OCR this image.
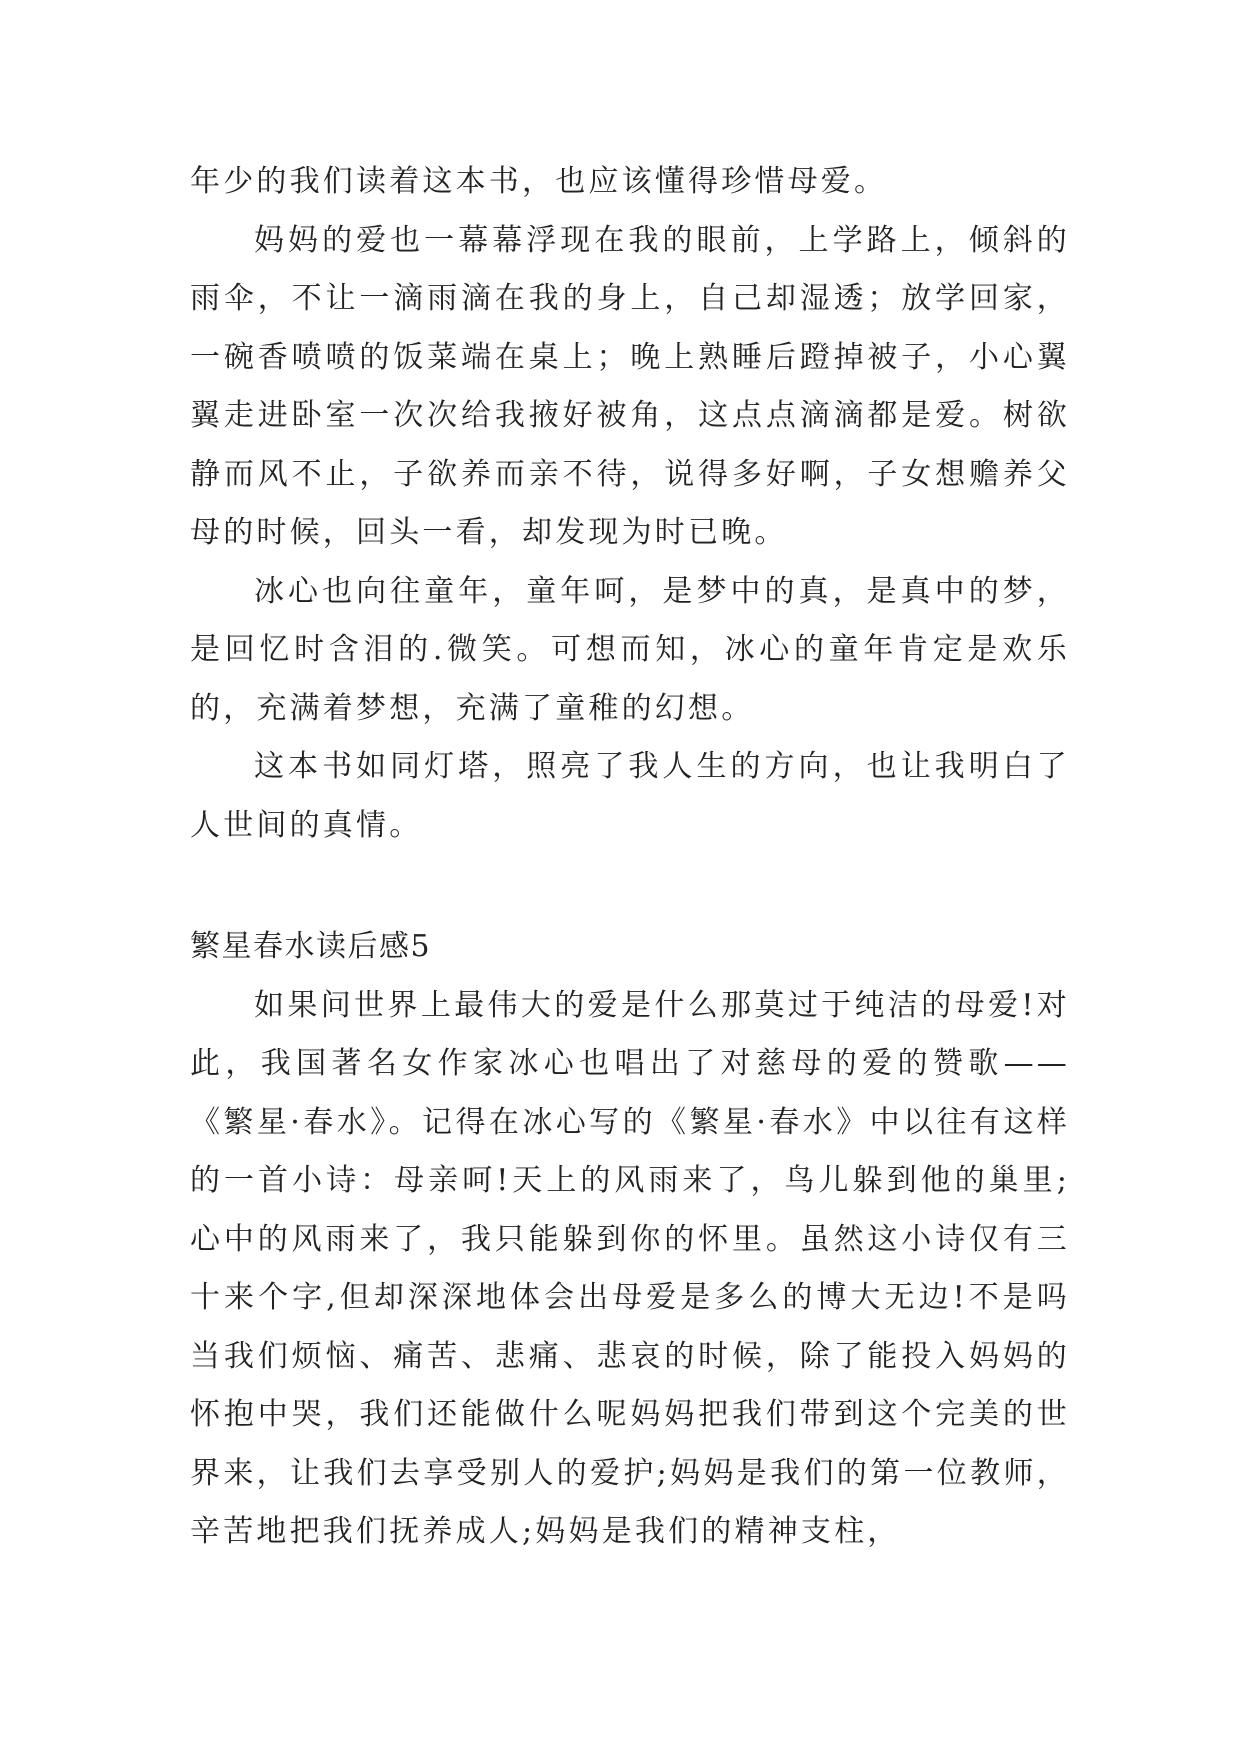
年少的我们读着这本书，也应该懂得珍惜母爱。

妈妈的爱也一幕幕浮现在我的眼前，上学路上，倾斜的雨伞，不让一滴雨滴在我的身上，自己却湿透；放学回家，一碗香喷喷的饭菜端在桌上；晚上熟睡后蹬掉被子，小心翼翼走进卧室一次次给我掖好被角，这点点滴滴都是爱。树欲静而风不止，子欲养而亲不待，说得多好啊，子女想赡养父母的时候，回头一看，却发现为时已晚。

冰心也向往童年，童年呵，是梦中的真，是真中的梦，是回忆时含泪的.微笑。可想而知，冰心的童年肯定是欢乐的，充满着梦想，充满了童稚的幻想。

这本书如同灯塔，照亮了我人生的方向，也让我明白了人世间的真情。

繁星春水读后感5

如果问世界上最伟大的爱是什么那莫过于纯洁的母爱!对此，我国著名女作家冰心也唱出了对慈母的爱的赞歌——《繁星·春水》。记得在冰心写的《繁星·春水》中以往有这样的一首小诗：母亲呵!天上的风雨来了，鸟儿躲到他的巢里;心中的风雨来了，我只能躲到你的怀里。虽然这小诗仅有三十来个字,但却深深地体会出母爱是多么的博大无边!不是吗当我们烦恼、痛苦、悲痛、悲哀的时候，除了能投入妈妈的怀抱中哭，我们还能做什么呢妈妈把我们带到这个完美的世界来，让我们去享受别人的爱护;妈妈是我们的第一位教师，辛苦地把我们抚养成人;妈妈是我们的精神支柱，
